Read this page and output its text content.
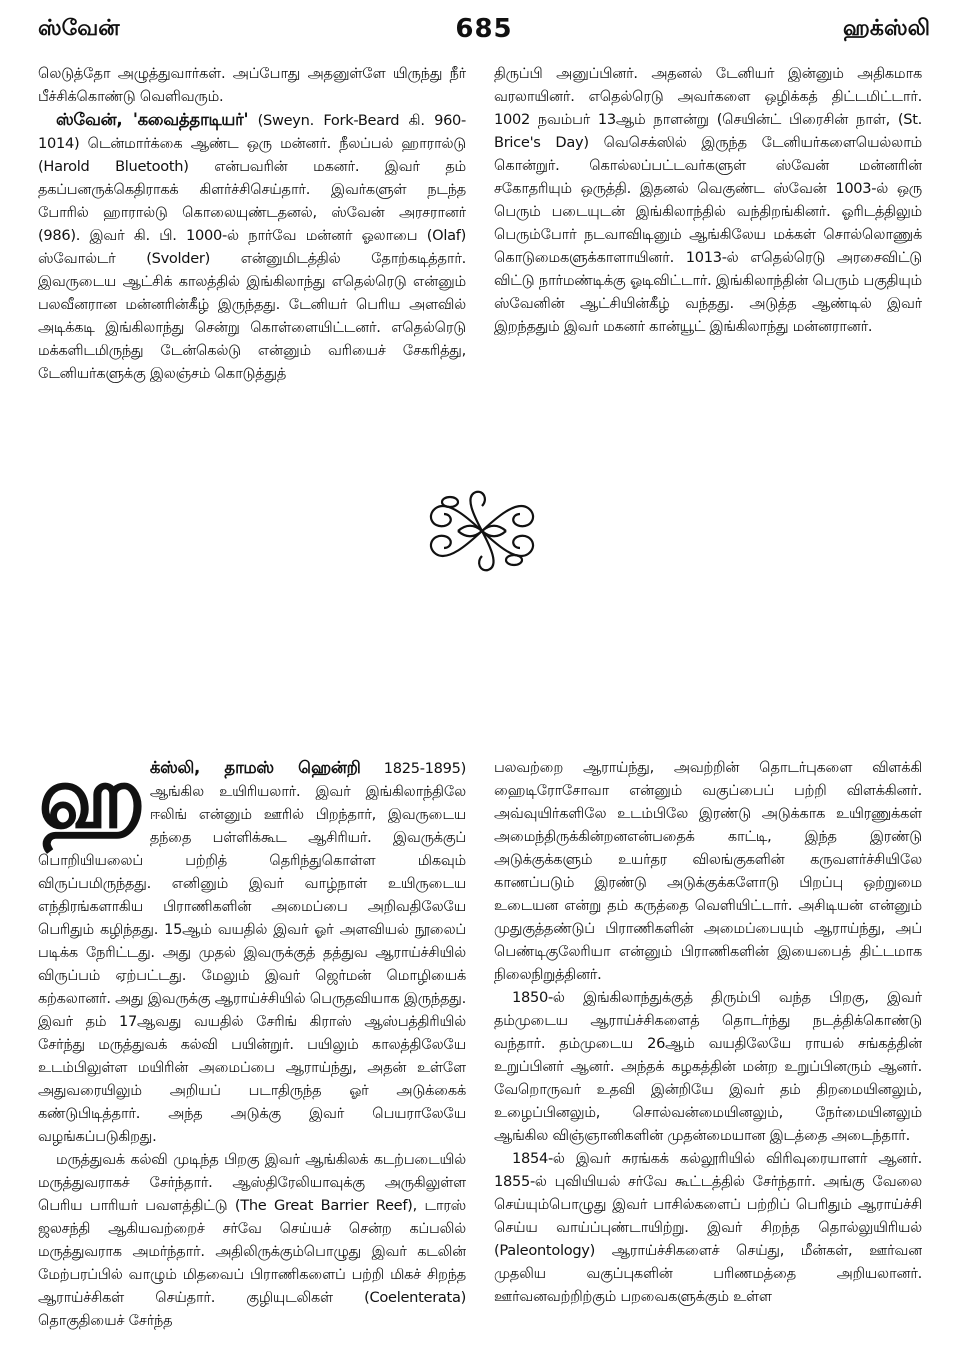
ஸ்வேன்	685	ஹக்ஸ்லி

லெடுத்தோ அழுத்துவார்கள். அப்போது அதனுள்ளே யிருந்து நீர் பீச்சிக்கொண்டு வெளிவரும்.

ஸ்வேன், 'கவைத்தாடியர்' (Sweyn. Fork-Beard கி. 960-1014) டென்மார்க்கை ஆண்ட ஒரு மன்னர். நீலப்பல் ஹாரால்டு (Harold Bluetooth) என்பவரின் மகனர். இவர் தம் தகப்பனருக்கெதிராகக் கிளர்ச்சிசெய்தார். இவர்களுள் நடந்த போரில் ஹாரால்டு கொலையுண்டதனல், ஸ்வேன் அரசரானர் (986). இவர் கி. பி. 1000-ல் நார்வே மன்னர் ஓலாபை (Olaf) ஸ்வோல்டர் (Svolder) என்னுமிடத்தில் தோற்கடித்தார். இவருடைய ஆட்சிக் காலத்தில் இங்கிலாந்து எதெல்ரெடு என்னும் பலவீனரான மன்னரின்கீழ் இருந்தது. டேனியர் பெரிய அளவில் அடிக்கடி இங்கிலாந்து சென்று கொள்ளையிட்டனர். எதெல்ரெடு மக்களிடமிருந்து டேன்கெல்டு என்னும் வரியைச் சேகரித்து, டேனியர்களுக்கு இலஞ்சம் கொடுத்துத்

திருப்பி அனுப்பினர். அதனல் டேனியர் இன்னும் அதிகமாக வரலாயினர். எதெல்ரெடு அவர்களை ஒழிக்கத் திட்டமிட்டார். 1002 நவம்பர் 13ஆம் நாளன்று (செயின்ட் பிரைசின் நாள், (St. Brice's Day) வெசெக்ஸில் இருந்த டேனியர்களையெல்லாம் கொன்றுர். கொல்லப்பட்டவர்களுள் ஸ்வேன் மன்னரின் சகோதரியும் ஒருத்தி. இதனல் வெகுண்ட ஸ்வேன் 1003-ல் ஒரு பெரும் படையுடன் இங்கிலாந்தில் வந்திறங்கினர். ஓரிடத்திலும் பெரும்போர் நடவாவிடினும் ஆங்கிலேய மக்கள் சொல்லொணுக் கொடுமைகளுக்காளாயினர். 1013-ல் எதெல்ரெடு அரசைவிட்டு விட்டு நார்மண்டிக்கு ஓடிவிட்டார். இங்கிலாந்தின் பெரும் பகுதியும் ஸ்வேனின் ஆட்சியின்கீழ் வந்தது. அடுத்த ஆண்டில் இவர் இறந்ததும் இவர் மகனர் கான்யூட் இங்கிலாந்து மன்னரானர்.

ஹக்ஸ்லி, தாமஸ் ஹென்றி 1825-1895) ஆங்கில உயிரியலார். இவர் இங்கிலாந்திலே ஈலிங் என்னும் ஊரில் பிறந்தார், இவருடைய தந்தை பள்ளிக்கூட ஆசிரியர். இவருக்குப் பொறியியலைப் பற்றித் தெரிந்துகொள்ள மிகவும் விருப்பமிருந்தது. எனினும் இவர் வாழ்நாள் உயிருடைய எந்திரங்களாகிய பிராணிகளின் அமைப்பை அறிவதிலேயே பெரிதும் கழிந்தது. 15ஆம் வயதில் இவர் ஓர் அளவியல் நூலைப் படிக்க நேரிட்டது. அது முதல் இவருக்குத் தத்துவ ஆராய்ச்சியில் விருப்பம் ஏற்பட்டது. மேலும் இவர் ஜெர்மன் மொழியைக் கற்கலானர். அது இவருக்கு ஆராய்ச்சியில் பெருதவியாக இருந்தது. இவர் தம் 17ஆவது வயதில் சேரிங் கிராஸ் ஆஸ்பத்திரியில் சேர்ந்து மருத்துவக் கல்வி பயின்றுர். பயிலும் காலத்திலேயே உடம்பிலுள்ள மயிரின் அமைப்பை ஆராய்ந்து, அதன் உள்ளே அதுவரையிலும் அறியப் படாதிருந்த ஓர் அடுக்கைக் கண்டுபிடித்தார். அந்த அடுக்கு இவர் பெயராலேயே வழங்கப்படுகிறது.

மருத்துவக் கல்வி முடிந்த பிறகு இவர் ஆங்கிலக் கடற்படையில் மருத்துவராகச் சேர்ந்தார். ஆஸ்திரேலியாவுக்கு அருகிலுள்ள பெரிய பாரியர் பவளத்திட்டு (The Great Barrier Reef), டாரஸ் ஜலசந்தி ஆகியவற்றைச் சர்வே செய்யச் சென்ற கப்பலில் மருத்துவராக அமர்ந்தார். அதிலிருக்கும்பொழுது இவர் கடலின் மேற்பரப்பில் வாழும் மிதவைப் பிராணிகளைப் பற்றி மிகச் சிறந்த ஆராய்ச்சிகள் செய்தார். குழியுடலிகள் (Coelenterata) தொகுதியைச் சேர்ந்த

பலவற்றை ஆராய்ந்து, அவற்றின் தொடர்புகளை விளக்கி ஹைடிரோசோவா என்னும் வகுப்பைப் பற்றி விளக்கினர். அவ்வுயிர்களிலே உடம்பிலே இரண்டு அடுக்காக உயிரணுக்கள் அமைந்திருக்கின்றனஎன்பதைக் காட்டி, இந்த இரண்டு அடுக்குக்களும் உயர்தர விலங்குகளின் கருவளர்ச்சியிலே காணப்படும் இரண்டு அடுக்குக்களோடு பிறப்பு ஒற்றுமை உடையன என்று தம் கருத்தை வெளியிட்டார். அசிடியன் என்னும் முதுகுத்தண்டுப் பிராணிகளின் அமைப்பையும் ஆராய்ந்து, அப் பெண்டிகுலேரியா என்னும் பிராணிகளின் இயைபைத் திட்டமாக நிலைநிறுத்தினர்.

1850-ல் இங்கிலாந்துக்குத் திரும்பி வந்த பிறகு, இவர் தம்முடைய ஆராய்ச்சிகளைத் தொடர்ந்து நடத்திக்கொண்டு வந்தார். தம்முடைய 26ஆம் வயதிலேயே ராயல் சங்கத்தின் உறுப்பினர் ஆனர். அந்தக் கழகத்தின் மன்ற உறுப்பினரும் ஆனர். வேறொருவர் உதவி இன்றியே இவர் தம் திறமையினலும், உழைப்பினலும், சொல்வன்மையினலும், நேர்மையினலும் ஆங்கில விஞ்ஞானிகளின் முதன்மையான இடத்தை அடைந்தார்.

1854-ல் இவர் சுரங்கக் கல்லூரியில் விரிவுரையாளர் ஆனர். 1855-ல் புவியியல் சர்வே கூட்டத்தில் சேர்ந்தார். அங்கு வேலை செய்யும்பொழுது இவர் பாசில்களைப் பற்றிப் பெரிதும் ஆராய்ச்சி செய்ய வாய்ப்புண்டாயிற்று. இவர் சிறந்த தொல்லுயிரியல் (Paleontology) ஆராய்ச்சிகளைச் செய்து, மீன்கள், ஊர்வன முதலிய வகுப்புகளின் பரிணமத்தை அறியலானர். ஊர்வனவற்றிற்கும் பறவைகளுக்கும் உள்ள
